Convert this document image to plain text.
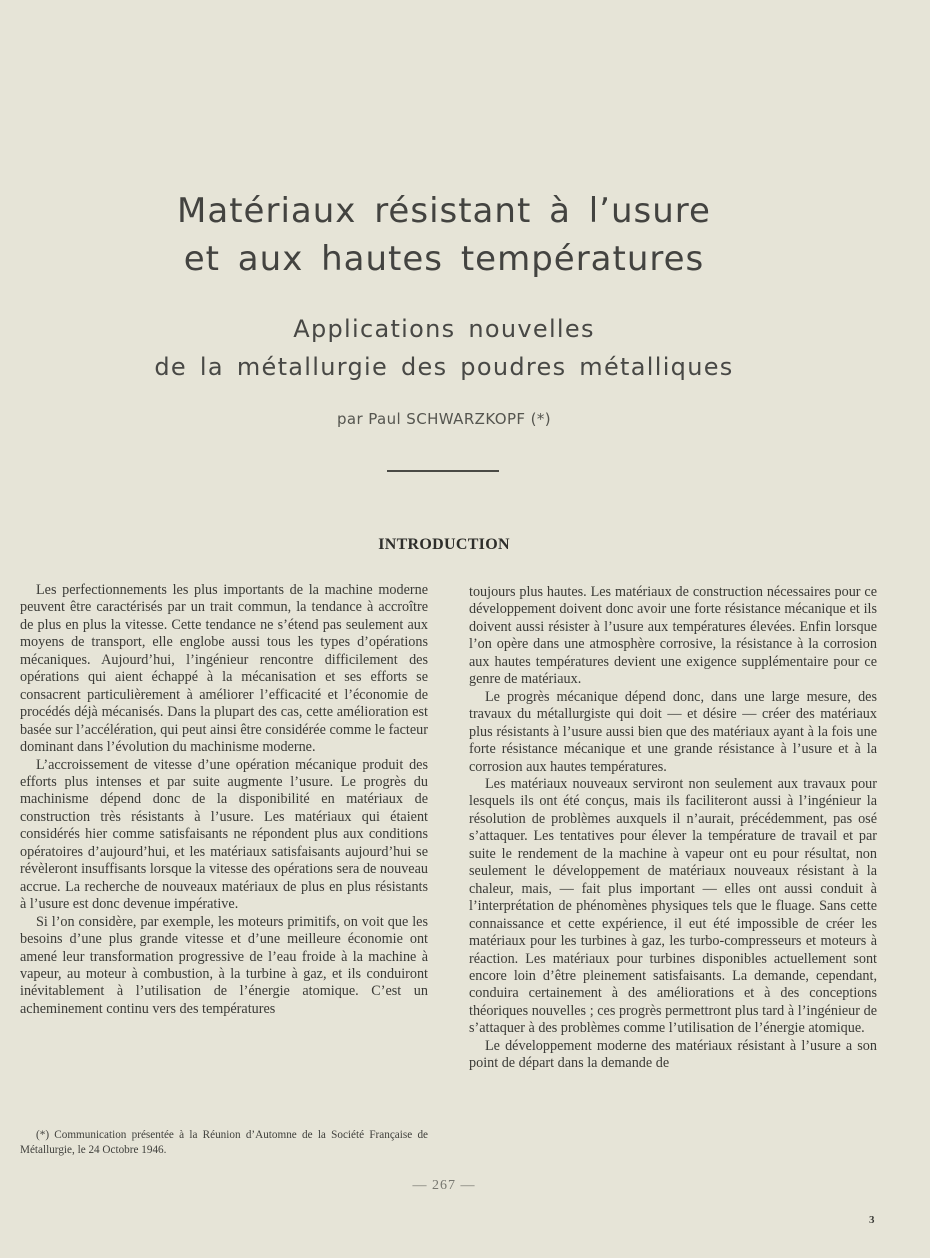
Matériaux résistant à l’usure
et aux hautes températures
Applications nouvelles
de la métallurgie des poudres métalliques
par Paul SCHWARZKOPF (*)
INTRODUCTION

Les perfectionnements les plus importants de la machine moderne peuvent être caractérisés par un trait commun, la tendance à accroître de plus en plus la vitesse. Cette tendance ne s’étend pas seulement aux moyens de transport, elle englobe aussi tous les types d’opérations mécaniques. Aujourd’hui, l’ingénieur rencontre difficilement des opérations qui aient échappé à la mécanisation et ses efforts se consacrent particulièrement à améliorer l’efficacité et l’économie de procédés déjà mécanisés. Dans la plupart des cas, cette amélioration est basée sur l’accélération, qui peut ainsi être considérée comme le facteur dominant dans l’évolution du machinisme moderne.

L’accroissement de vitesse d’une opération mécanique produit des efforts plus intenses et par suite augmente l’usure. Le progrès du machinisme dépend donc de la disponibilité en matériaux de construction très résistants à l’usure. Les matériaux qui étaient considérés hier comme satisfaisants ne répondent plus aux conditions opératoires d’aujourd’hui, et les matériaux satisfaisants aujourd’hui se révèleront insuffisants lorsque la vitesse des opérations sera de nouveau accrue. La recherche de nouveaux matériaux de plus en plus résistants à l’usure est donc devenue impérative.

Si l’on considère, par exemple, les moteurs primitifs, on voit que les besoins d’une plus grande vitesse et d’une meilleure économie ont amené leur transformation progressive de l’eau froide à la machine à vapeur, au moteur à combustion, à la turbine à gaz, et ils conduiront inévitablement à l’utilisation de l’énergie atomique. C’est un acheminement continu vers des températures

toujours plus hautes. Les matériaux de construction nécessaires pour ce développement doivent donc avoir une forte résistance mécanique et ils doivent aussi résister à l’usure aux températures élevées. Enfin lorsque l’on opère dans une atmosphère corrosive, la résistance à la corrosion aux hautes températures devient une exigence supplémentaire pour ce genre de matériaux.

Le progrès mécanique dépend donc, dans une large mesure, des travaux du métallurgiste qui doit — et désire — créer des matériaux plus résistants à l’usure aussi bien que des matériaux ayant à la fois une forte résistance mécanique et une grande résistance à l’usure et à la corrosion aux hautes températures.

Les matériaux nouveaux serviront non seulement aux travaux pour lesquels ils ont été conçus, mais ils faciliteront aussi à l’ingénieur la résolution de problèmes auxquels il n’aurait, précédemment, pas osé s’attaquer. Les tentatives pour élever la température de travail et par suite le rendement de la machine à vapeur ont eu pour résultat, non seulement le développement de matériaux nouveaux résistant à la chaleur, mais, — fait plus important — elles ont aussi conduit à l’interprétation de phénomènes physiques tels que le fluage. Sans cette connaissance et cette expérience, il eut été impossible de créer les matériaux pour les turbines à gaz, les turbo-compresseurs et moteurs à réaction. Les matériaux pour turbines disponibles actuellement sont encore loin d’être pleinement satisfaisants. La demande, cependant, conduira certainement à des améliorations et à des conceptions théoriques nouvelles ; ces progrès permettront plus tard à l’ingénieur de s’attaquer à des problèmes comme l’utilisation de l’énergie atomique.

Le développement moderne des matériaux résistant à l’usure a son point de départ dans la demande de

(*) Communication présentée à la Réunion d’Automne de la Société Française de Métallurgie, le 24 Octobre 1946.
— 267 —
3
